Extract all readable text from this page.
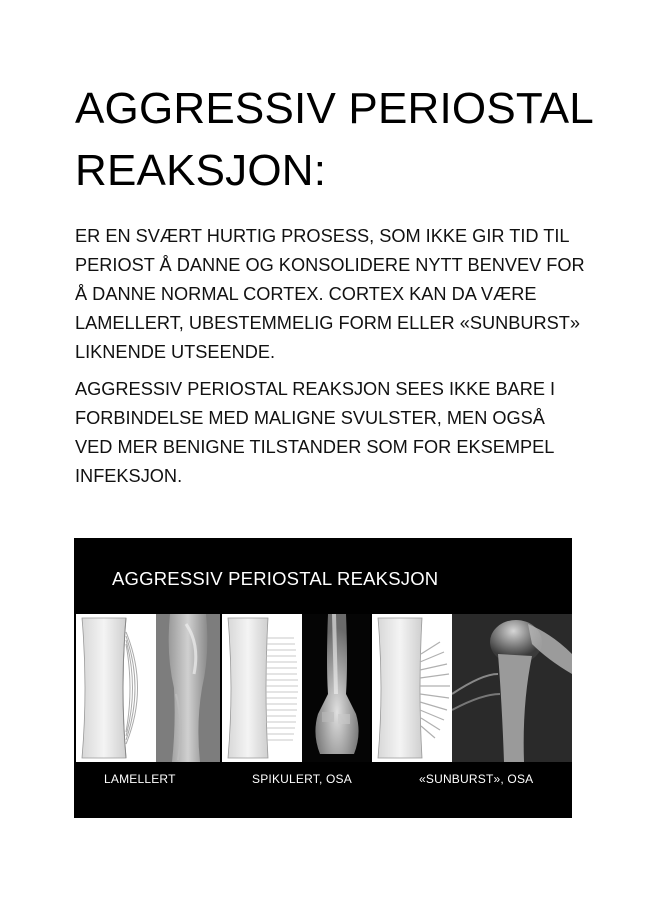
AGGRESSIV PERIOSTAL REAKSJON:

ER EN SVÆRT HURTIG PROSESS, SOM IKKE GIR TID TIL PERIOST Å DANNE OG KONSOLIDERE NYTT BENVEV FOR Å DANNE NORMAL CORTEX. CORTEX KAN DA VÆRE LAMELLERT, UBESTEMMELIG FORM ELLER «SUNBURST» LIKNENDE UTSEENDE.

AGGRESSIV PERIOSTAL REAKSJON SEES IKKE BARE I FORBINDELSE MED MALIGNE SVULSTER, MEN OGSÅ VED MER BENIGNE TILSTANDER SOM FOR EKSEMPEL INFEKSJON.

AGGRESSIV PERIOSTAL REAKSJON
LAMELLERT	SPIKULERT, OSA	«SUNBURST», OSA
